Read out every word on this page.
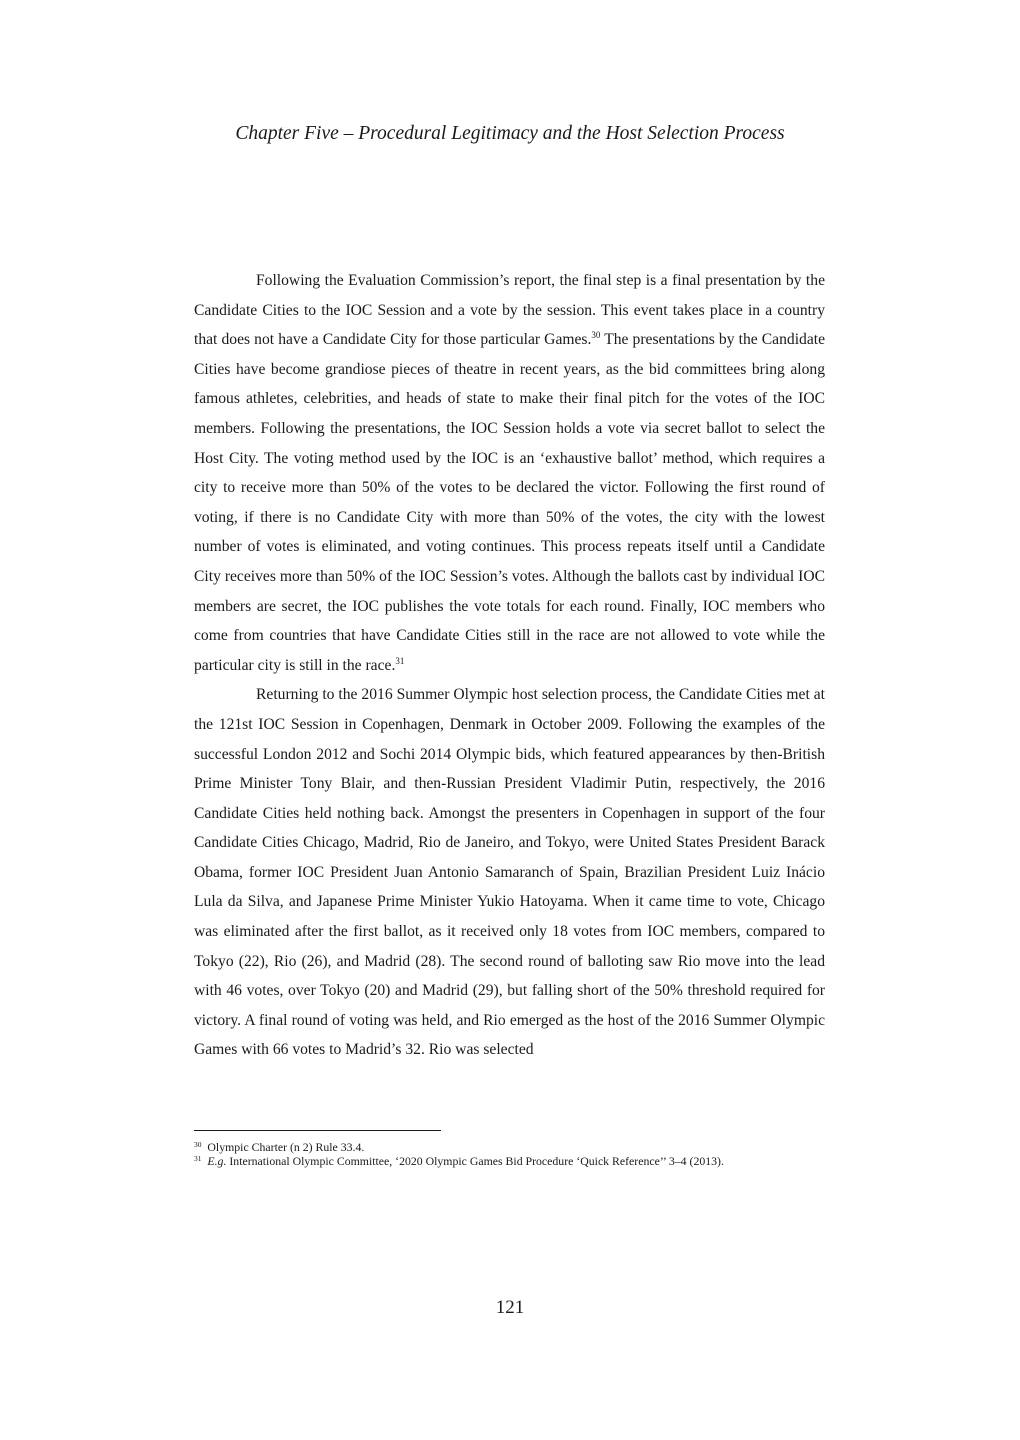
Chapter Five – Procedural Legitimacy and the Host Selection Process

Following the Evaluation Commission’s report, the final step is a final presentation by the Candidate Cities to the IOC Session and a vote by the session. This event takes place in a country that does not have a Candidate City for those particular Games.$^{30}$ The presentations by the Candidate Cities have become grandiose pieces of theatre in recent years, as the bid committees bring along famous athletes, celebrities, and heads of state to make their final pitch for the votes of the IOC members. Following the presentations, the IOC Session holds a vote via secret ballot to select the Host City. The voting method used by the IOC is an ‘exhaustive ballot’ method, which requires a city to receive more than 50% of the votes to be declared the victor. Following the first round of voting, if there is no Candidate City with more than 50% of the votes, the city with the lowest number of votes is eliminated, and voting continues. This process repeats itself until a Candidate City receives more than 50% of the IOC Session’s votes. Although the ballots cast by individual IOC members are secret, the IOC publishes the vote totals for each round. Finally, IOC members who come from countries that have Candidate Cities still in the race are not allowed to vote while the particular city is still in the race.$^{31}$

Returning to the 2016 Summer Olympic host selection process, the Candidate Cities met at the 121st IOC Session in Copenhagen, Denmark in October 2009. Following the examples of the successful London 2012 and Sochi 2014 Olympic bids, which featured appearances by then-British Prime Minister Tony Blair, and then-Russian President Vladimir Putin, respectively, the 2016 Candidate Cities held nothing back. Amongst the presenters in Copenhagen in support of the four Candidate Cities Chicago, Madrid, Rio de Janeiro, and Tokyo, were United States President Barack Obama, former IOC President Juan Antonio Samaranch of Spain, Brazilian President Luiz Inácio Lula da Silva, and Japanese Prime Minister Yukio Hatoyama. When it came time to vote, Chicago was eliminated after the first ballot, as it received only 18 votes from IOC members, compared to Tokyo (22), Rio (26), and Madrid (28). The second round of balloting saw Rio move into the lead with 46 votes, over Tokyo (20) and Madrid (29), but falling short of the 50% threshold required for victory. A final round of voting was held, and Rio emerged as the host of the 2016 Summer Olympic Games with 66 votes to Madrid’s 32. Rio was selected

$^{30}$ Olympic Charter (n 2) Rule 33.4.
$^{31}$ E.g. International Olympic Committee, ‘2020 Olympic Games Bid Procedure ‘Quick Reference’’ 3–4 (2013).
121
